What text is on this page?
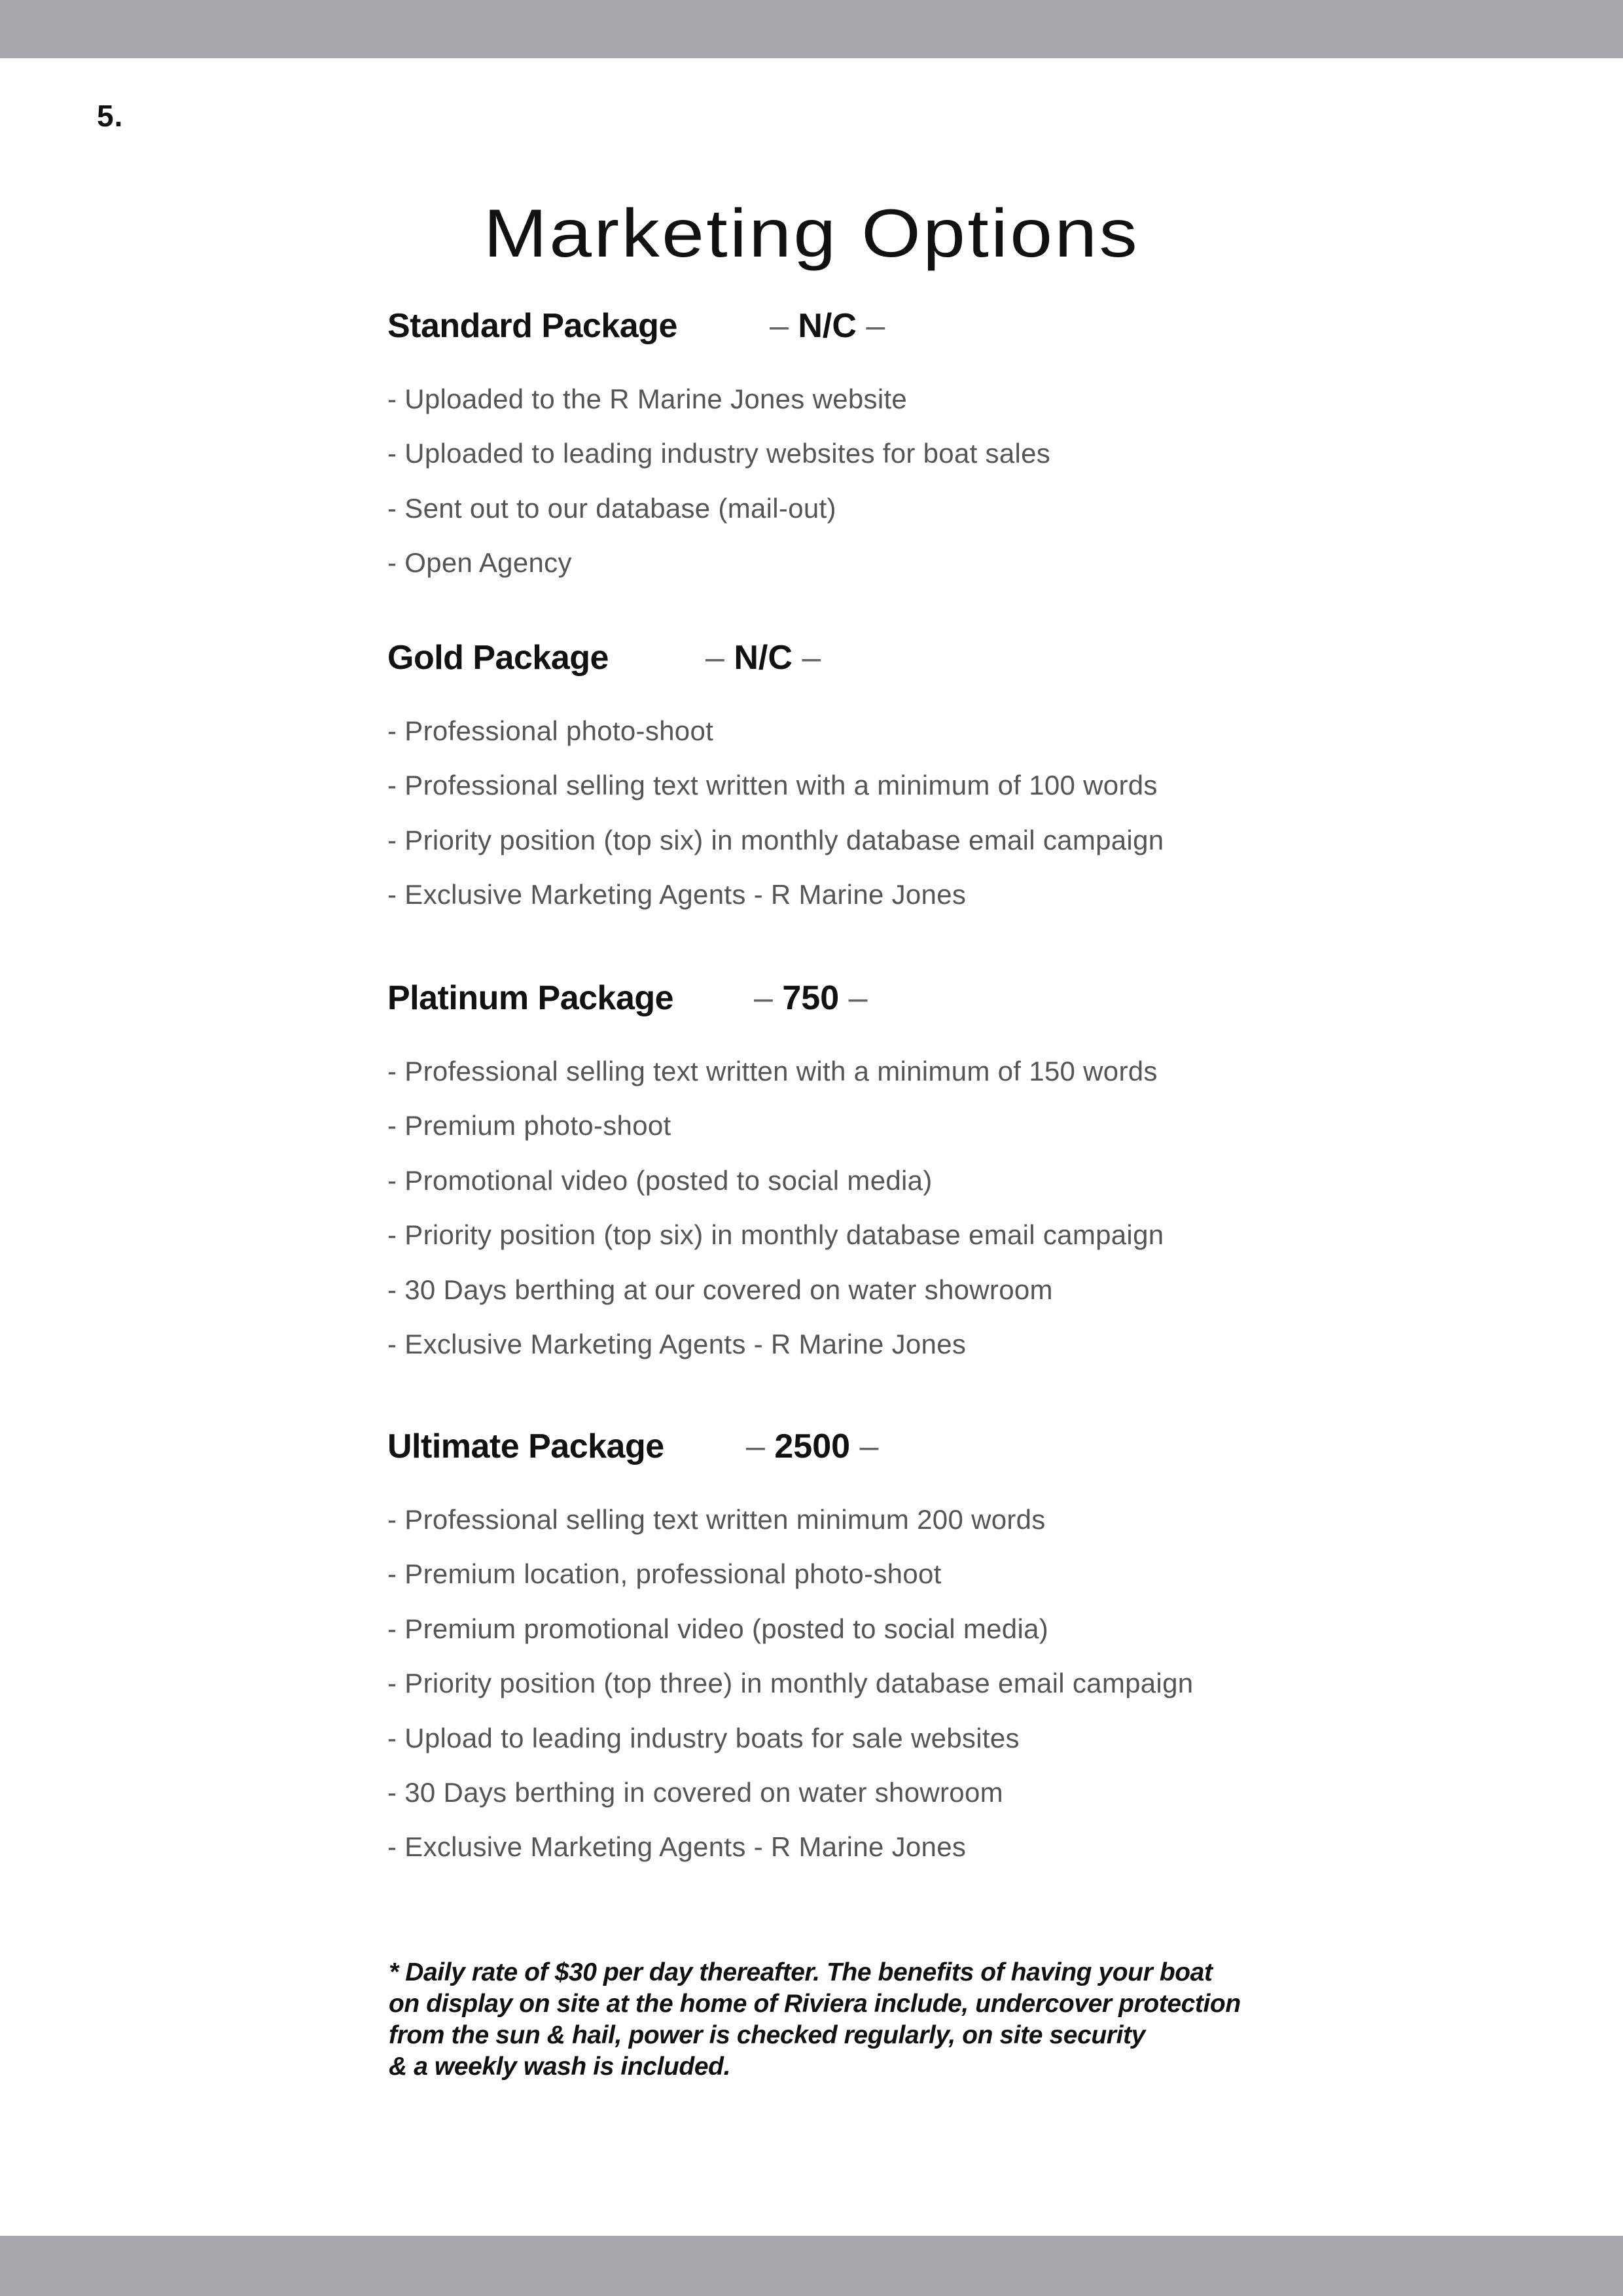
5.
Marketing Options
Standard Package	– N/C –
- Uploaded to the R Marine Jones website
- Uploaded to leading industry websites for boat sales
- Sent out to our database (mail-out)
- Open Agency
Gold Package	– N/C –
- Professional photo-shoot
- Professional selling text written with a minimum of 100 words
- Priority position (top six) in monthly database email campaign
- Exclusive Marketing Agents - R Marine Jones
Platinum Package – 750 –
- Professional selling text written with a minimum of 150 words
- Premium photo-shoot
- Promotional video (posted to social media)
- Priority position (top six) in monthly database email campaign
- 30 Days berthing at our covered on water showroom
- Exclusive Marketing Agents - R Marine Jones
Ultimate Package – 2500 –
- Professional selling text written minimum 200 words
- Premium location, professional photo-shoot
- Premium promotional video (posted to social media)
- Priority position (top three) in monthly database email campaign
- Upload to leading industry boats for sale websites
- 30 Days berthing in covered on water showroom
- Exclusive Marketing Agents - R Marine Jones
* Daily rate of $30 per day thereafter. The benefits of having your boat
on display on site at the home of Riviera include, undercover protection
from the sun & hail, power is checked regularly, on site security
& a weekly wash is included.
